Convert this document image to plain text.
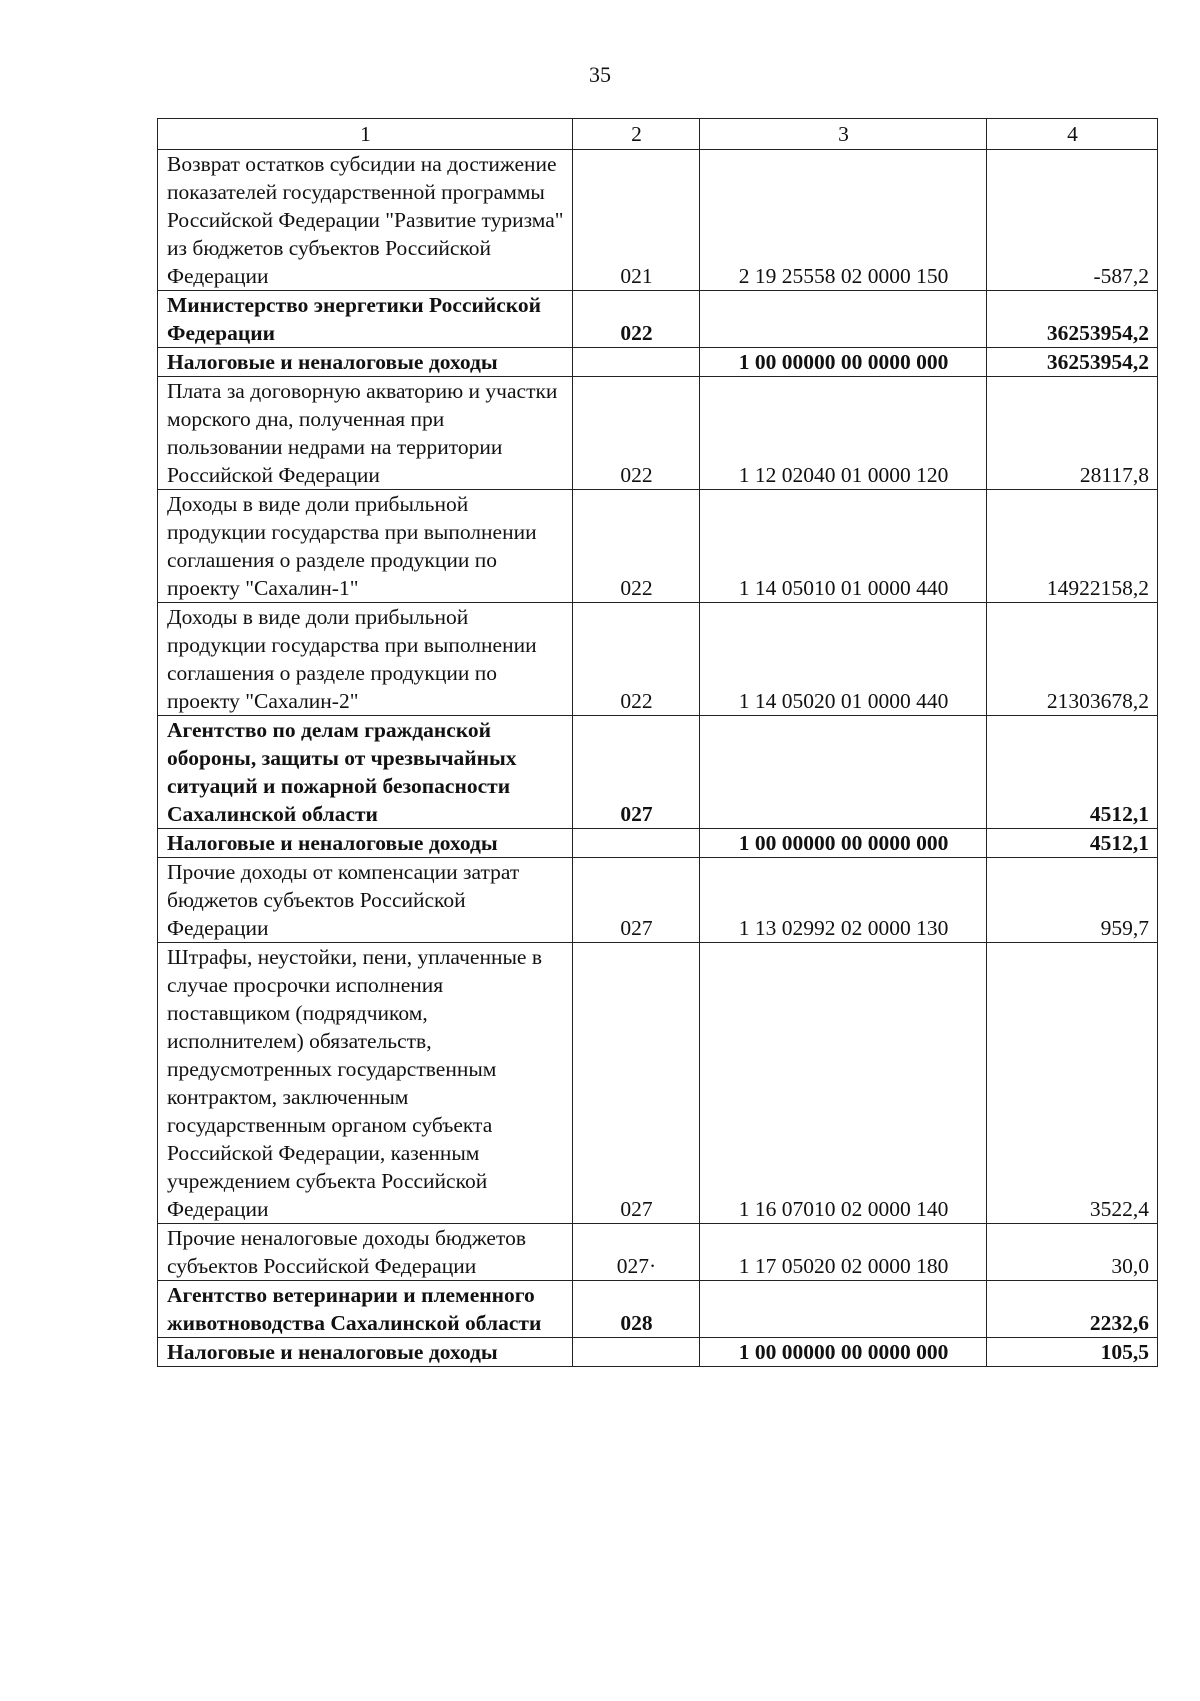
35
1	2	3	4
Возврат остатков субсидии на достижение показателей государственной программы Российской Федерации "Развитие туризма" из бюджетов субъектов Российской Федерации	021	2 19 25558 02 0000 150	-587,2
Министерство энергетики Российской Федерации	022		36253954,2
Налоговые и неналоговые доходы		1 00 00000 00 0000 000	36253954,2
Плата за договорную акваторию и участки морского дна, полученная при пользовании недрами на территории Российской Федерации	022	1 12 02040 01 0000 120	28117,8
Доходы в виде доли прибыльной продукции государства при выполнении соглашения о разделе продукции по проекту "Сахалин-1"	022	1 14 05010 01 0000 440	14922158,2
Доходы в виде доли прибыльной продукции государства при выполнении соглашения о разделе продукции по проекту "Сахалин-2"	022	1 14 05020 01 0000 440	21303678,2
Агентство по делам гражданской обороны, защиты от чрезвычайных ситуаций и пожарной безопасности Сахалинской области	027		4512,1
Налоговые и неналоговые доходы		1 00 00000 00 0000 000	4512,1
Прочие доходы от компенсации затрат бюджетов субъектов Российской Федерации	027	1 13 02992 02 0000 130	959,7
Штрафы, неустойки, пени, уплаченные в случае просрочки исполнения поставщиком (подрядчиком, исполнителем) обязательств, предусмотренных государственным контрактом, заключенным государственным органом субъекта Российской Федерации, казенным учреждением субъекта Российской Федерации	027	1 16 07010 02 0000 140	3522,4
Прочие неналоговые доходы бюджетов субъектов Российской Федерации	027·	1 17 05020 02 0000 180	30,0
Агентство ветеринарии и племенного животноводства Сахалинской области	028		2232,6
Налоговые и неналоговые доходы		1 00 00000 00 0000 000	105,5
